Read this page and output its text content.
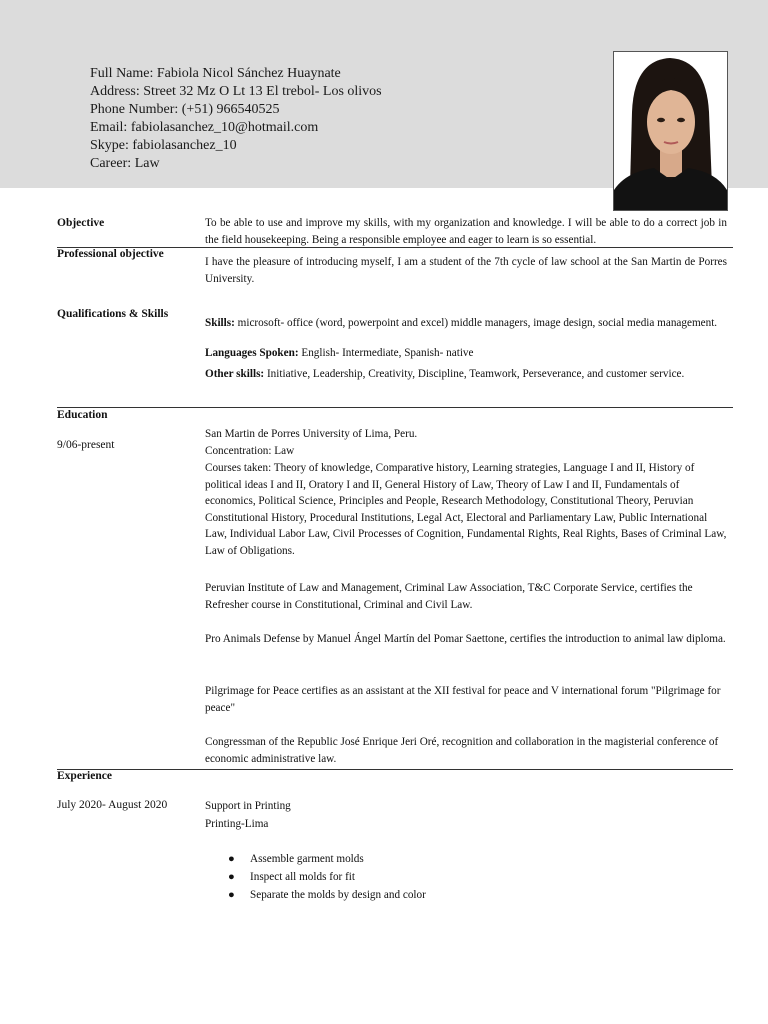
Full Name: Fabiola Nicol Sánchez Huaynate
Address: Street 32 Mz O Lt 13 El trebol- Los olivos
Phone Number: (+51) 966540525
Email: fabiolasanchez_10@hotmail.com
Skype: fabiolasanchez_10
Career: Law
Objective	To be able to use and improve my skills, with my organization and knowledge. I will be able to do a correct job in the field housekeeping. Being a responsible employee and eager to learn is so essential.
Professional objective
I have the pleasure of introducing myself, I am a student of the 7th cycle of law school at the San Martin de Porres University.
Qualifications & Skills
Skills: microsoft- office (word, powerpoint and excel) middle managers, image design, social media management.
Languages Spoken: English- Intermediate, Spanish- native
Other skills: Initiative, Leadership, Creativity, Discipline, Teamwork, Perseverance, and customer service.
Education
9/06-present
San Martin de Porres University of Lima, Peru.
Concentration: Law
Courses taken: Theory of knowledge, Comparative history, Learning strategies, Language I and II, History of political ideas I and II, Oratory I and II, General History of Law, Theory of Law I and II, Fundamentals of economics, Political Science, Principles and People, Research Methodology, Constitutional Theory, Peruvian Constitutional History, Procedural Institutions, Legal Act, Electoral and Parliamentary Law, Public International Law, Individual Labor Law, Civil Processes of Cognition, Fundamental Rights, Real Rights, Bases of Criminal Law, Law of Obligations.
Peruvian Institute of Law and Management, Criminal Law Association, T&C Corporate Service, certifies the Refresher course in Constitutional, Criminal and Civil Law.
Pro Animals Defense by Manuel Ángel Martín del Pomar Saettone, certifies the introduction to animal law diploma.
Pilgrimage for Peace certifies as an assistant at the XII festival for peace and V international forum "Pilgrimage for peace"
Congressman of the Republic José Enrique Jeri Oré, recognition and collaboration in the magisterial conference of economic administrative law.
Experience
July 2020- August 2020	Support in Printing
Printing-Lima
● Assemble garment molds
● Inspect all molds for fit
● Separate the molds by design and color
